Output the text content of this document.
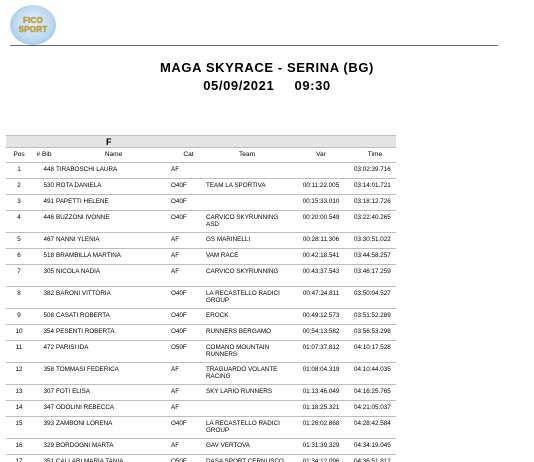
FICO
SPORT
MAGA SKYRACE - SERINA (BG)
05/09/2021 09:30
F
Pos	# Bib	Name	Cat	Team	Var	Time
1	448	TIRABOSCHI LAURA	AF			03:02:39.716
2	530	ROTA DANIELA	O40F	TEAM LA SPORTIVA	00:11:22.005	03:14:01.721
3	491	PAPETTI HELENE	O40F		00:15:33.010	03:18:12.726
4	446	BUZZONI IVONNE	O40F	CARVICO SKYRUNNING ASD	00:20:00.549	03:22:40.265
5	467	NANNI YLENIA	AF	GS MARINELLI	00:28:11.306	03:30:51.022
6	518	BRAMBILLA MARTINA	AF	VAM RACE	00:42:18.541	03:44:58.257
7	305	NICOLA NADIA	AF	CARVICO SKYRUNNING	00:43:37.543	03:46:17.259
8	382	BARONI VITTORIA	O40F	LA RECASTELLO RADICI GROUP	00:47:24.811	03:50:04.527
9	508	CASATI ROBERTA	O40F	EROCK	00:49:12.573	03:51:52.289
10	354	PESENTI ROBERTA	O40F	RUNNERS BERGAMO	00:54:13.582	03:56:53.298
11	472	PARISI IDA	O50F	COMANO MOUNTAIN RUNNERS	01:07:37.812	04:10:17.528
12	358	TOMMASI FEDERICA	AF	TRAGUARDO VOLANTE RACING	01:08:04.319	04:10:44.035
13	307	FOTI ELISA	AF	SKY LARIO RUNNERS	01:13:46.049	04:16:25.765
14	347	ODOLINI REBECCA	AF		01:18:25.321	04:21:05.037
15	393	ZAMBONI LORENA	O40F	LA RECASTELLO RADICI GROUP	01:26:02.868	04:28:42.584
16	329	BORDOGNI MARTA	AF	GAV VERTOVA	01:31:39.329	04:34:19.045
17	351	CALLARI MARIA TANIA	O50F	DASA SPORT CERNUSCO	01:34:12.096	04:36:51.812
